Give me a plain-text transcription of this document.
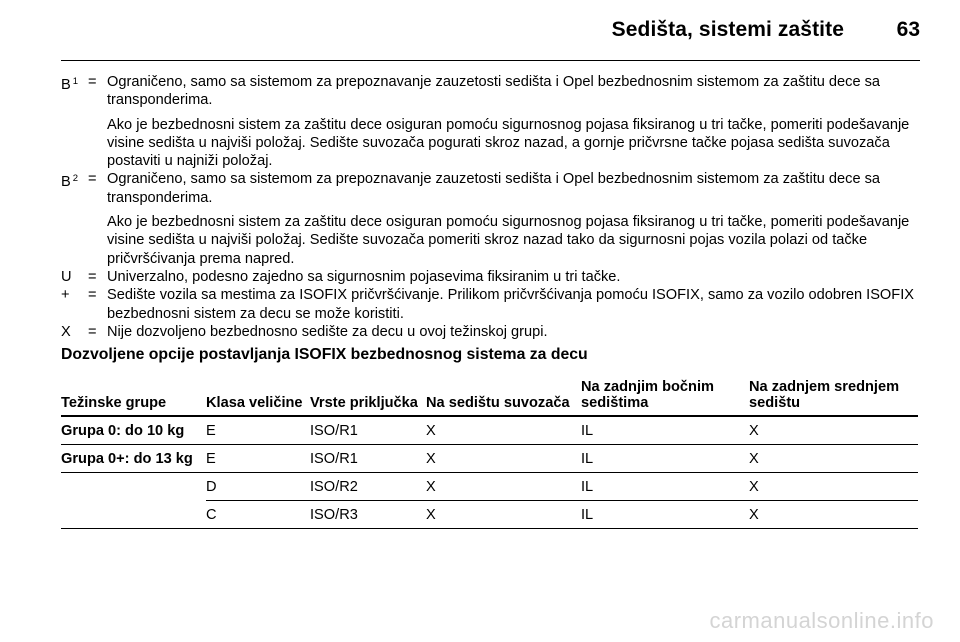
Sedišta, sistemi zaštite	63
B $^1$ = Ograničeno, samo sa sistemom za prepoznavanje zauzetosti sedišta i Opel bezbednosnim sistemom za zaštitu dece sa transponderima.

Ako je bezbednosni sistem za zaštitu dece osiguran pomoću sigurnosnog pojasa fiksiranog u tri tačke, pomeriti podešavanje visine sedišta u najviši položaj. Sedište suvozača pogurati skroz nazad, a gornje pričvrsne tačke pojasa sedišta suvozača postaviti u najniži položaj.

B $^2$ = Ograničeno, samo sa sistemom za prepoznavanje zauzetosti sedišta i Opel bezbednosnim sistemom za zaštitu dece sa transponderima.

Ako je bezbednosni sistem za zaštitu dece osiguran pomoću sigurnosnog pojasa fiksiranog u tri tačke, pomeriti podešavanje visine sedišta u najviši položaj. Sedište suvozača pomeriti skroz nazad tako da sigurnosni pojas vozila polazi od tačke pričvršćivanja prema napred.

U = Univerzalno, podesno zajedno sa sigurnosnim pojasevima fiksiranim u tri tačke.

+ = Sedište vozila sa mestima za ISOFIX pričvršćivanje. Prilikom pričvršćivanja pomoću ISOFIX, samo za vozilo odobren ISOFIX bezbednosni sistem za decu se može koristiti.

X = Nije dozvoljeno bezbednosno sedište za decu u ovoj težinskoj grupi.

Dozvoljene opcije postavljanja ISOFIX bezbednosnog sistema za decu
Težinske grupe	Klasa veličine	Vrste priključka	Na sedištu suvozača	Na zadnjim bočnim sedištima	Na zadnjem srednjem sedištu
Grupa 0: do 10 kg	E	ISO/R1	X	IL	X
Grupa 0+: do 13 kg	E	ISO/R1	X	IL	X
	D	ISO/R2	X	IL	X
	C	ISO/R3	X	IL	X
carmanualsonline.info
